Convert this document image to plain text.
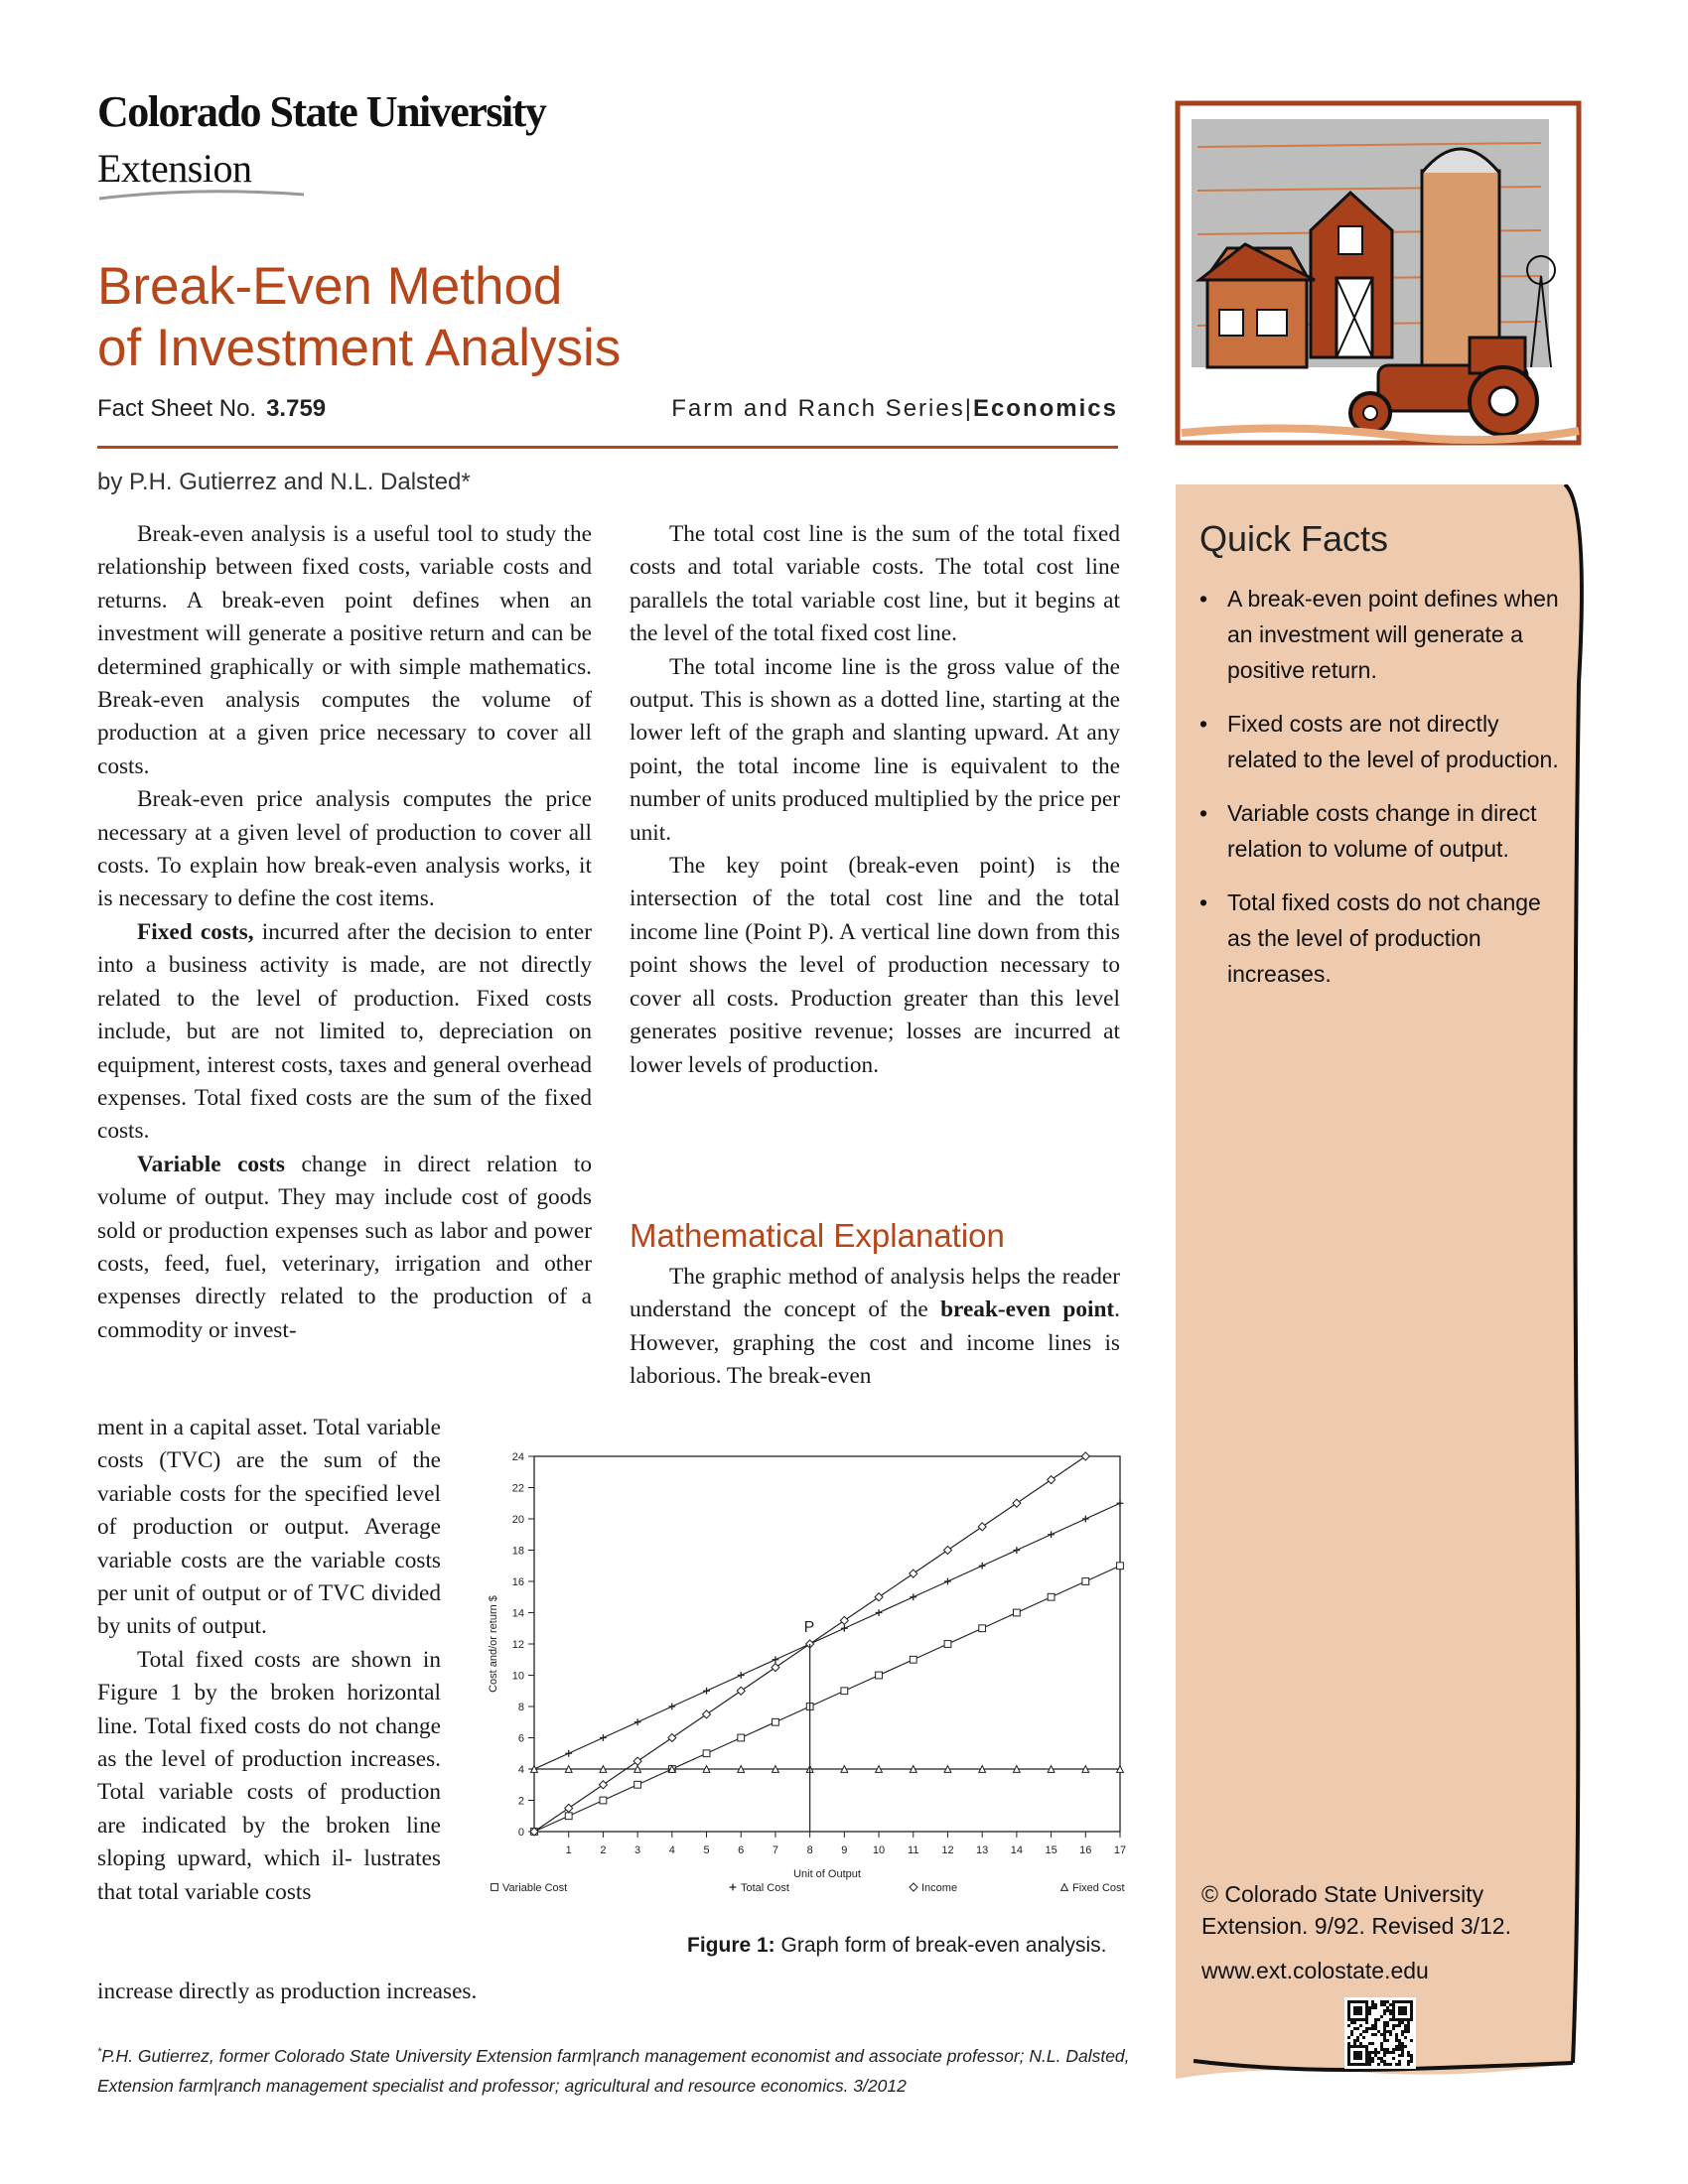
Colorado State University
Extension
Break-Even Method
of Investment Analysis
Fact Sheet No. 3.759	Farm and Ranch Series|Economics
by P.H. Gutierrez and N.L. Dalsted*

Break-even analysis is a useful tool to study the relationship between fixed costs, variable costs and returns. A break-even point defines when an investment will generate a positive return and can be determined graphically or with simple mathematics. Break-even analysis computes the volume of production at a given price necessary to cover all costs.

Break-even price analysis computes the price necessary at a given level of production to cover all costs. To explain how break-even analysis works, it is necessary to define the cost items.

Fixed costs, incurred after the decision to enter into a business activity is made, are not directly related to the level of production. Fixed costs include, but are not limited to, depreciation on equipment, interest costs, taxes and general overhead expenses. Total fixed costs are the sum of the fixed costs.

Variable costs change in direct relation to volume of output. They may include cost of goods sold or production expenses such as labor and power costs, feed, fuel, veterinary, irrigation and other expenses directly related to the production of a commodity or invest-

ment in a capital asset. Total variable costs (TVC) are the sum of the variable costs for the specified level of production or output. Average variable costs are the variable costs per unit of output or of TVC divided by units of output.

Total fixed costs are shown in Figure 1 by the broken horizontal line. Total fixed costs do not change as the level of production increases. Total variable costs of production are indicated by the broken line sloping upward, which il- lustrates that total variable costs

increase directly as production increases.

The total cost line is the sum of the total fixed costs and total variable costs. The total cost line parallels the total variable cost line, but it begins at the level of the total fixed cost line.

The total income line is the gross value of the output. This is shown as a dotted line, starting at the lower left of the graph and slanting upward. At any point, the total income line is equivalent to the number of units produced multiplied by the price per unit.

The key point (break-even point) is the intersection of the total cost line and the total income line (Point P). A vertical line down from this point shows the level of production necessary to cover all costs. Production greater than this level generates positive revenue; losses are incurred at lower levels of production.

Mathematical Explanation

The graphic method of analysis helps the reader understand the concept of the break-even point. However, graphing the cost and income lines is laborious. The break-even

0
2
4
6
8
10
12
14
16
18
20
22
24
1	2	3	4	5	6	7	8	9 10 11 12 13 14 15 16 17
Unit of Output
Cost and/or return $	P
Variable Cost	Total Cost	Income	Fixed Cost
Figure 1: Graph form of break-even analysis.
*P.H. Gutierrez, former Colorado State University Extension farm|ranch management economist and associate professor; N.L. Dalsted, Extension farm|ranch management specialist and professor; agricultural and resource economics. 3/2012
Quick Facts
• A break-even point defines when an investment will generate a positive return.
• Fixed costs are not directly related to the level of production.
• Variable costs change in direct relation to volume of output.
• Total fixed costs do not change as the level of production increases.
© Colorado State University Extension. 9/92. Revised 3/12.
www.ext.colostate.edu
